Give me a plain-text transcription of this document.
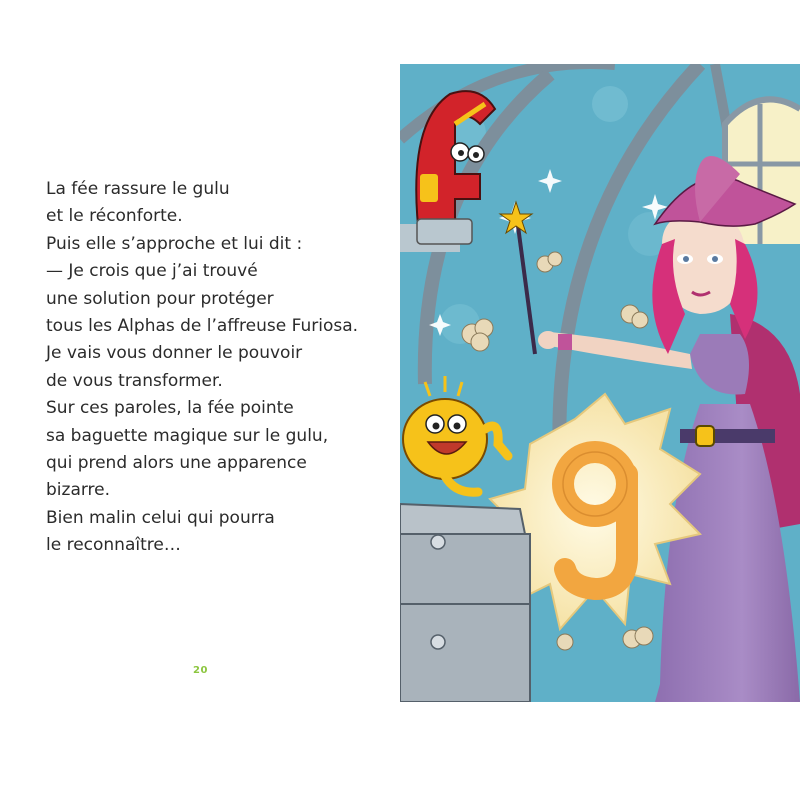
La fée rassure le gulu
et le réconforte.
Puis elle s’approche et lui dit :
— Je crois que j’ai trouvé
une solution pour protéger
tous les Alphas de l’affreuse Furiosa.
Je vais vous donner le pouvoir
de vous transformer.
Sur ces paroles, la fée pointe
sa baguette magique sur le gulu,
qui prend alors une apparence
bizarre.
Bien malin celui qui pourra
le reconnaître…
20
